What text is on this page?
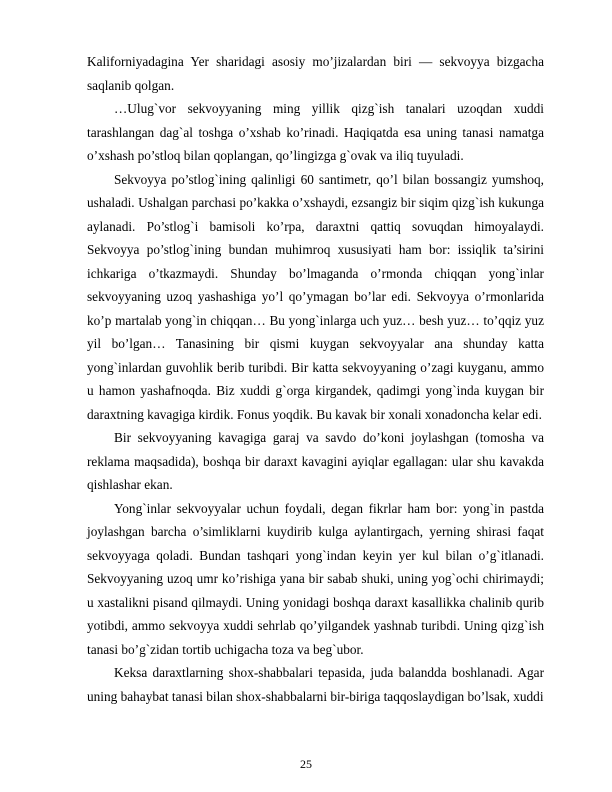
Kaliforniyadagina Yer sharidagi asosiy mo’jizalardan biri — sekvoyya bizgacha saqlanib qolgan.

…Ulug`vor sekvoyyaning ming yillik qizg`ish tanalari uzoqdan xuddi tarashlangan dag`al toshga o’xshab ko’rinadi. Haqiqatda esa uning tanasi namatga o’xshash po’stloq bilan qoplangan, qo’lingizga g`ovak va iliq tuyuladi.

Sekvoyya po’stlog`ining qalinligi 60 santimetr, qo’l bilan bossangiz yumshoq, ushaladi. Ushalgan parchasi po’kakka o’xshaydi, ezsangiz bir siqim qizg`ish kukunga aylanadi. Po’stlog`i bamisoli ko’rpa, daraxtni qattiq sovuqdan himoyalaydi. Sekvoyya po’stlog`ining bundan muhimroq xususiyati ham bor: issiqlik ta’sirini ichkariga o’tkazmaydi. Shunday bo’lmaganda o’rmonda chiqqan yong`inlar sekvoyyaning uzoq yashashiga yo’l qo’ymagan bo’lar edi. Sekvoyya o’rmonlarida ko’p martalab yong`in chiqqan… Bu yong`inlarga uch yuz… besh yuz… to’qqiz yuz yil bo’lgan… Tanasining bir qismi kuygan sekvoyyalar ana shunday katta yong`inlardan guvohlik berib turibdi. Bir katta sekvoyyaning o’zagi kuyganu, ammo u hamon yashafnoqda. Biz xuddi g`orga kirgandek, qadimgi yong`inda kuygan bir daraxtning kavagiga kirdik. Fonus yoqdik. Bu kavak bir xonali xonadoncha kelar edi.

Bir sekvoyyaning kavagiga garaj va savdo do’koni joylashgan (tomosha va reklama maqsadida), boshqa bir daraxt kavagini ayiqlar egallagan: ular shu kavakda qishlashar ekan.

Yong`inlar sekvoyyalar uchun foydali, degan fikrlar ham bor: yong`in pastda joylashgan barcha o’simliklarni kuydirib kulga aylantirgach, yerning shirasi faqat sekvoyyaga qoladi. Bundan tashqari yong`indan keyin yer kul bilan o’g`itlanadi. Sekvoyyaning uzoq umr ko’rishiga yana bir sabab shuki, uning yog`ochi chirimaydi; u xastalikni pisand qilmaydi. Uning yonidagi boshqa daraxt kasallikka chalinib qurib yotibdi, ammo sekvoyya xuddi sehrlab qo’yilgandek yashnab turibdi. Uning qizg`ish tanasi bo’g`zidan tortib uchigacha toza va beg`ubor.

Keksa daraxtlarning shox-shabbalari tepasida, juda balandda boshlanadi. Agar uning bahaybat tanasi bilan shox-shabbalarni bir-biriga taqqoslaydigan bo’lsak, xuddi

25
